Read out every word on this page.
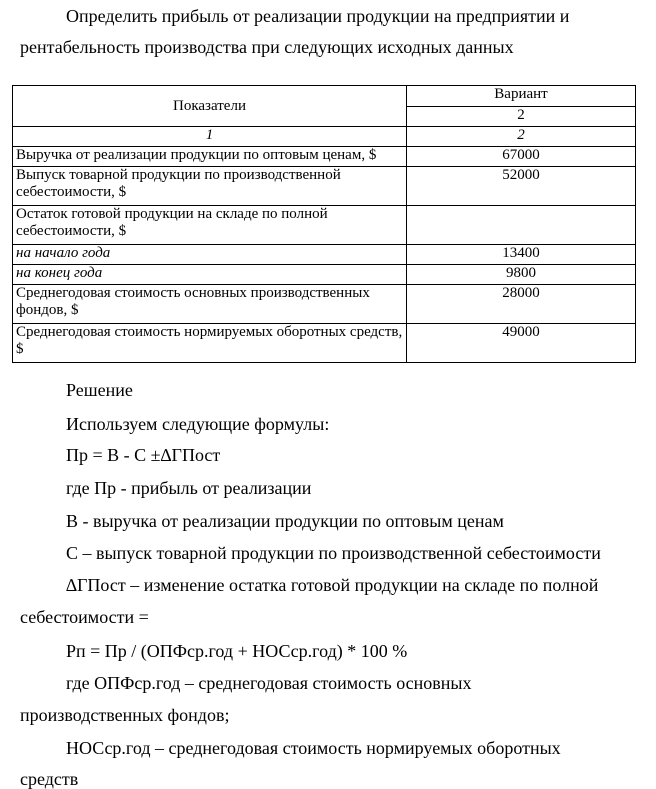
Определить прибыль от реализации продукции на предприятии и
рентабельность производства при следующих исходных данных
Показатели	Вариант
	2
1	2
Выручка от реализации продукции по оптовым ценам, $	67000
Выпуск товарной продукции по производственной себестоимости, $	52000
Остаток готовой продукции на складе по полной себестоимости, $	
на начало года	13400
на конец года	9800
Среднегодовая стоимость основных производственных фондов, $	28000
Среднегодовая стоимость нормируемых оборотных средств, $	49000
Решение
Используем следующие формулы:
Пр = В - С ±∆ГПост
где Пр - прибыль от реализации
В - выручка от реализации продукции по оптовым ценам
С – выпуск товарной продукции по производственной себестоимости
∆ГПост – изменение остатка готовой продукции на складе по полной
себестоимости =
Рп = Пр / (ОПФср.год + НОСср.год) * 100 %
где ОПФср.год – среднегодовая стоимость основных
производственных фондов;
НОСср.год – среднегодовая стоимость нормируемых оборотных
средств
